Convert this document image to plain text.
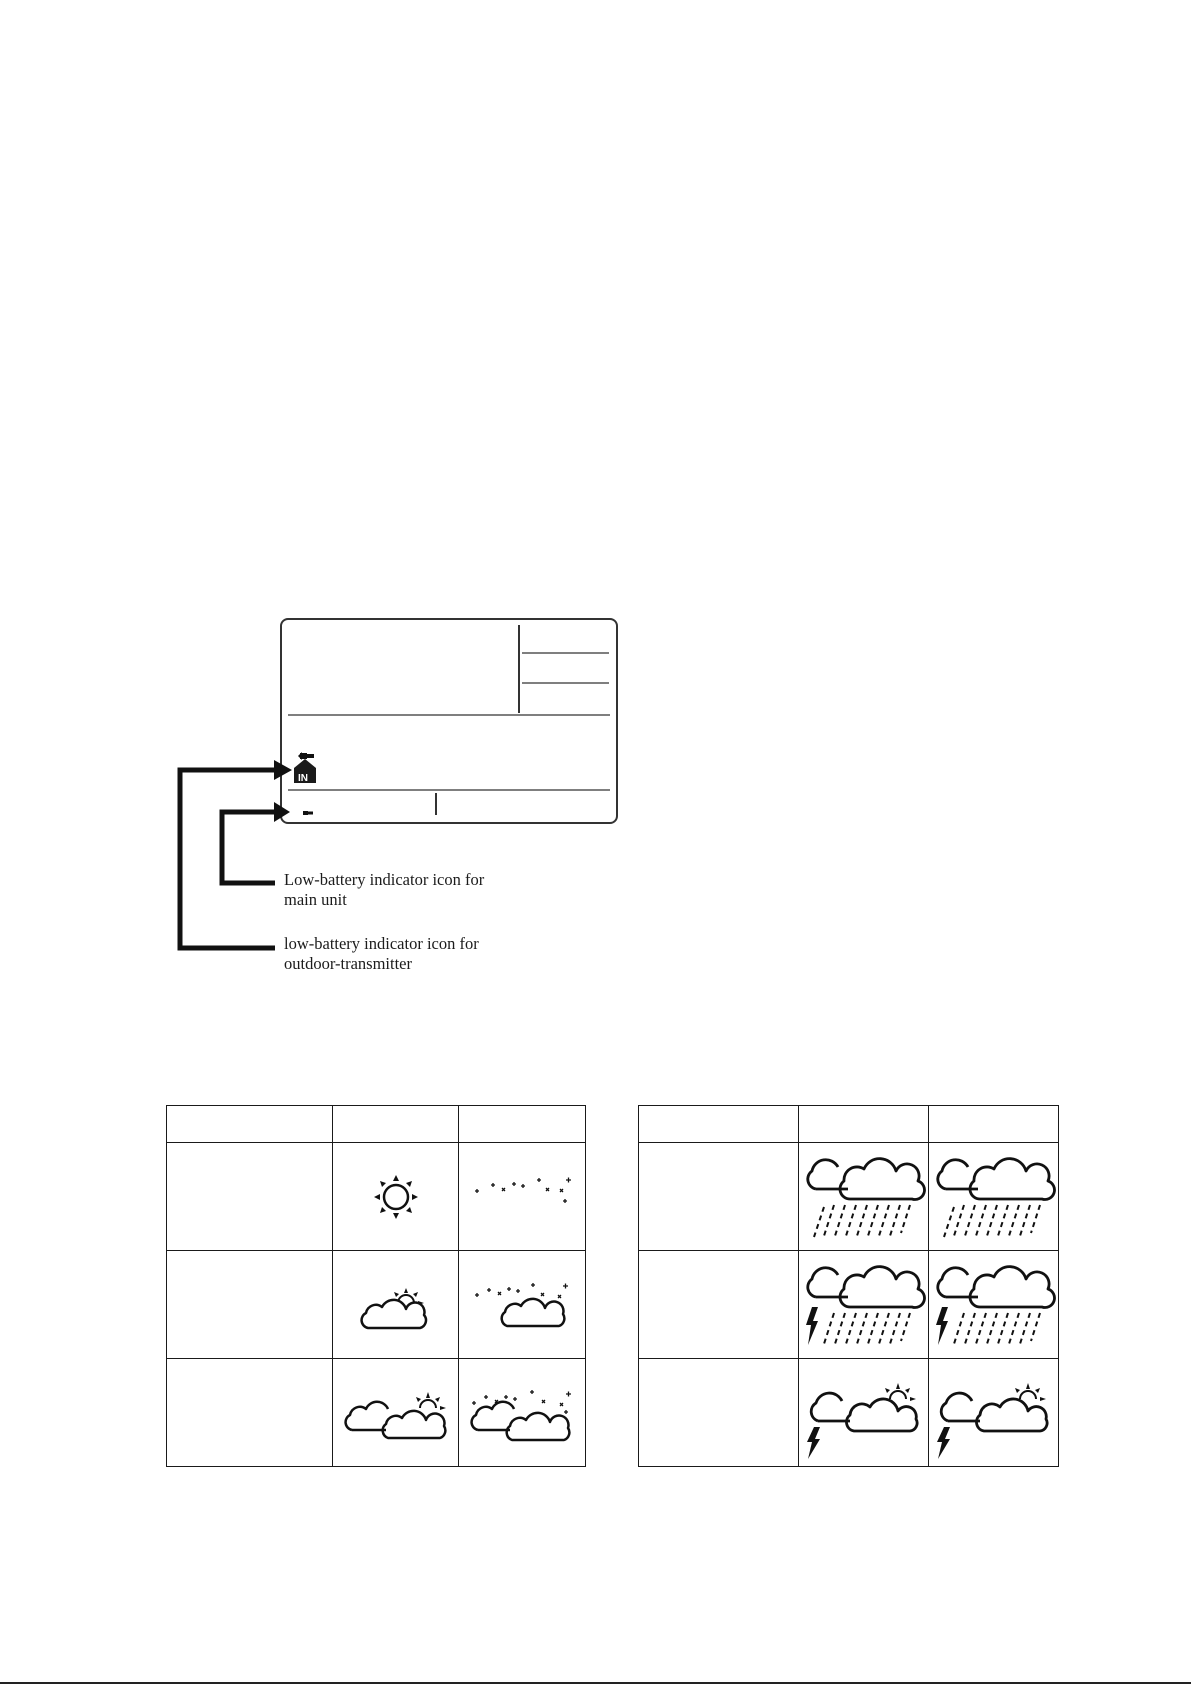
IN
Low-battery indicator icon for
main unit
low-battery indicator icon for
outdoor-transmitter
